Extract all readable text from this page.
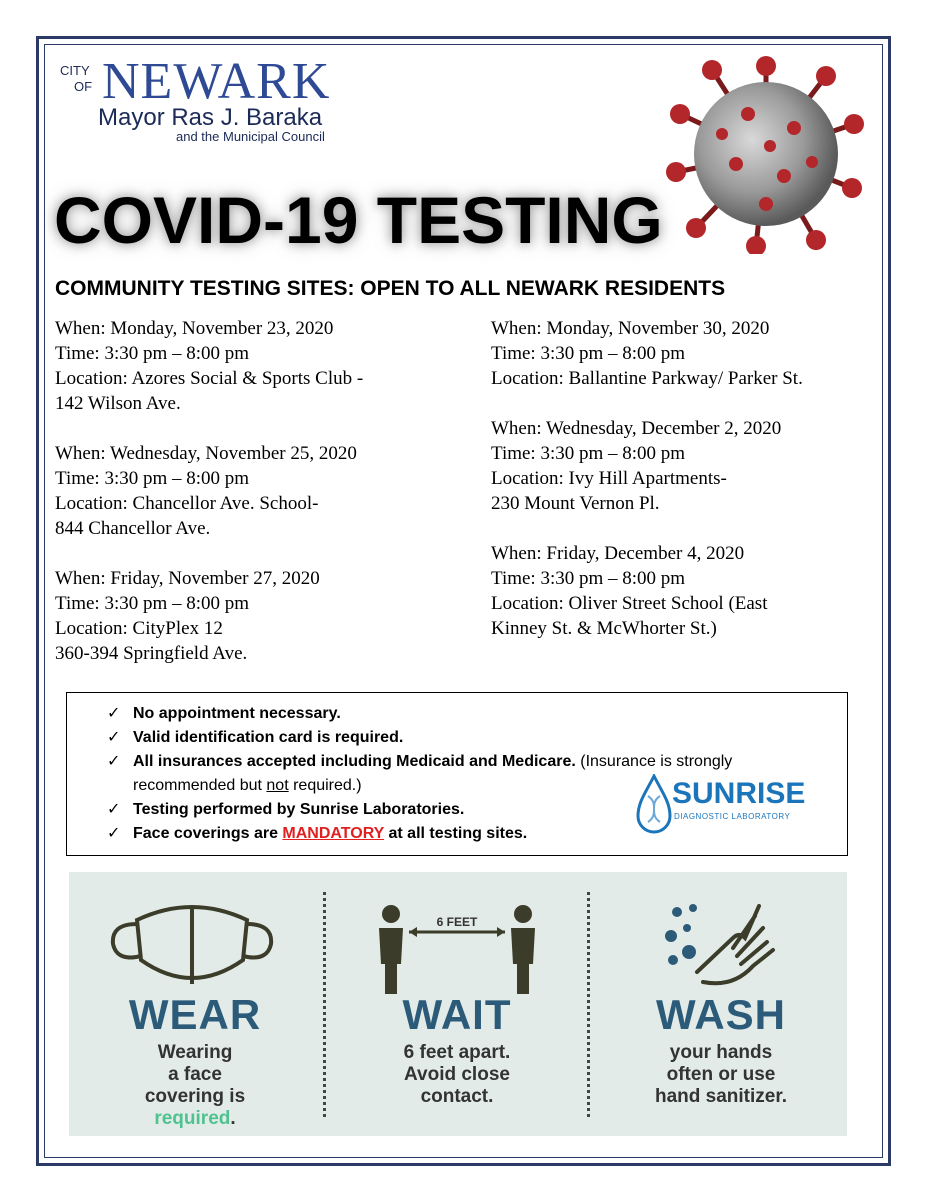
CITY
OF NEWARK
Mayor Ras J. Baraka
and the Municipal Council
COVID-19 TESTING
COMMUNITY TESTING SITES: OPEN TO ALL NEWARK RESIDENTS
When: Monday, November 23, 2020
Time: 3:30 pm – 8:00 pm
Location: Azores Social & Sports Club -
142 Wilson Ave.
When: Wednesday, November 25, 2020
Time: 3:30 pm – 8:00 pm
Location: Chancellor Ave. School-
844 Chancellor Ave.
When: Friday, November 27, 2020
Time: 3:30 pm – 8:00 pm
Location: CityPlex 12
360-394 Springfield Ave.
When: Monday, November 30, 2020
Time: 3:30 pm – 8:00 pm
Location: Ballantine Parkway/ Parker St.
When: Wednesday, December 2, 2020
Time: 3:30 pm – 8:00 pm
Location: Ivy Hill Apartments-
230 Mount Vernon Pl.
When: Friday, December 4, 2020
Time: 3:30 pm – 8:00 pm
Location: Oliver Street School (East
Kinney St. & McWhorter St.)
✓ No appointment necessary.
✓ Valid identification card is required.
✓ All insurances accepted including Medicaid and Medicare. (Insurance is strongly
recommended but not required.)
✓ Testing performed by Sunrise Laboratories.
✓ Face coverings are MANDATORY at all testing sites.
SUNRISE
DIAGNOSTIC LABORATORY
WEAR
Wearing
a face
covering is
required.
6 FEET
WAIT
6 feet apart.
Avoid close
contact.
WASH
your hands
often or use
hand sanitizer.
